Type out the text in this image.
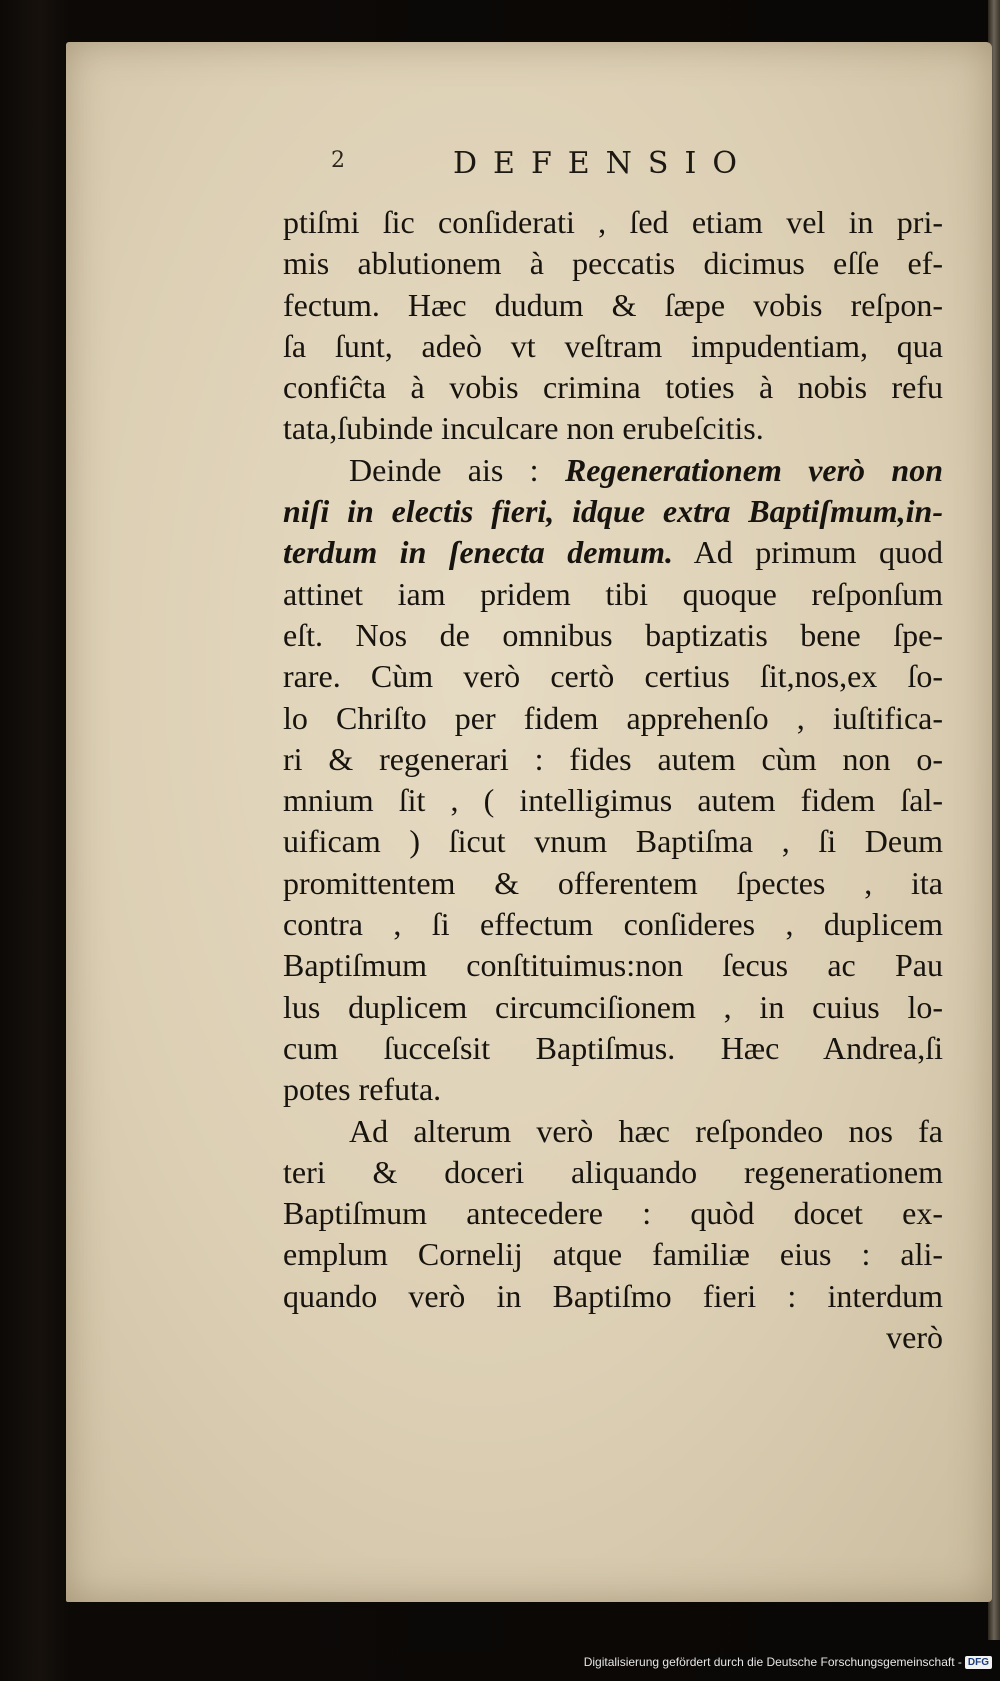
2	DEFENSIO
ptiſmi ſic conſiderati , ſed etiam vel in pri-
mis ablutionem à peccatis dicimus eſſe ef-
fectum. Hæc dudum & ſæpe vobis reſpon-
ſa ſunt, adeò vt veſtram impudentiam, qua
confiĉta à vobis crimina toties à nobis refu
tata,ſubinde inculcare non erubeſcitis.
Deinde ais : Regenerationem verò non
niſi in electis fieri, idque extra Baptiſmum,in-
terdum in ſenecta demum. Ad primum quod
attinet iam pridem tibi quoque reſponſum
eſt. Nos de omnibus baptizatis bene ſpe-
rare. Cùm verò certò certius ſit,nos,ex ſo-
lo Chriſto per fidem apprehenſo , iuſtifica-
ri & regenerari : fides autem cùm non o-
mnium ſit , ( intelligimus autem fidem ſal-
uificam ) ſicut vnum Baptiſma , ſi Deum
promittentem & offerentem ſpectes , ita
contra , ſi effectum conſideres , duplicem
Baptiſmum conſtituimus:non ſecus ac Pau
lus duplicem circumciſionem , in cuius lo-
cum ſucceſsit Baptiſmus. Hæc Andrea,ſi
potes refuta.
Ad alterum verò hæc reſpondeo nos fa
teri & doceri aliquando regenerationem
Baptiſmum antecedere : quòd docet ex-
emplum Cornelij atque familiæ eius : ali-
quando verò in Baptiſmo fieri : interdum
verò
Digitalisierung gefördert durch die Deutsche Forschungsgemeinschaft - DFG
